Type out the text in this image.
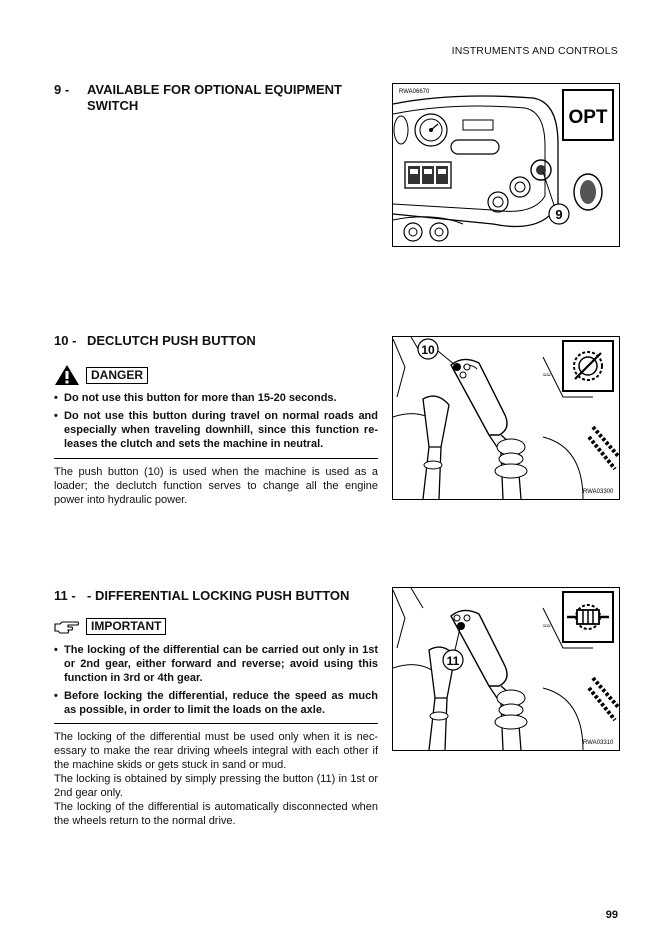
INSTRUMENTS AND CONTROLS
9 - AVAILABLE FOR OPTIONAL EQUIPMENT
SWITCH
RWA06670
9
OPT
10 - DECLUTCH PUSH BUTTON
DANGER
• Do not use this button for more than 15-20 seconds.
• Do not use this button during travel on normal roads and especially when traveling downhill, since this function re-leases the clutch and sets the machine in neutral.

The push button (10) is used when the machine is used as a loader; the declutch function serves to change all the engine power into hydraulic power.

≈≈
10
RWA03300
11 - - DIFFERENTIAL LOCKING PUSH BUTTON
IMPORTANT
• The locking of the differential can be carried out only in 1st or 2nd gear, either forward and reverse; avoid using this function in 3rd or 4th gear.
• Before locking the differential, reduce the speed as much as possible, in order to limit the loads on the axle.

The locking of the differential must be used only when it is nec-essary to make the rear driving wheels integral with each other if the machine skids or gets stuck in sand or mud.

The locking is obtained by simply pressing the button (11) in 1st or 2nd gear only.

The locking of the differential is automatically disconnected when the wheels return to the normal drive.

≈≈
11
RWA03310
99
